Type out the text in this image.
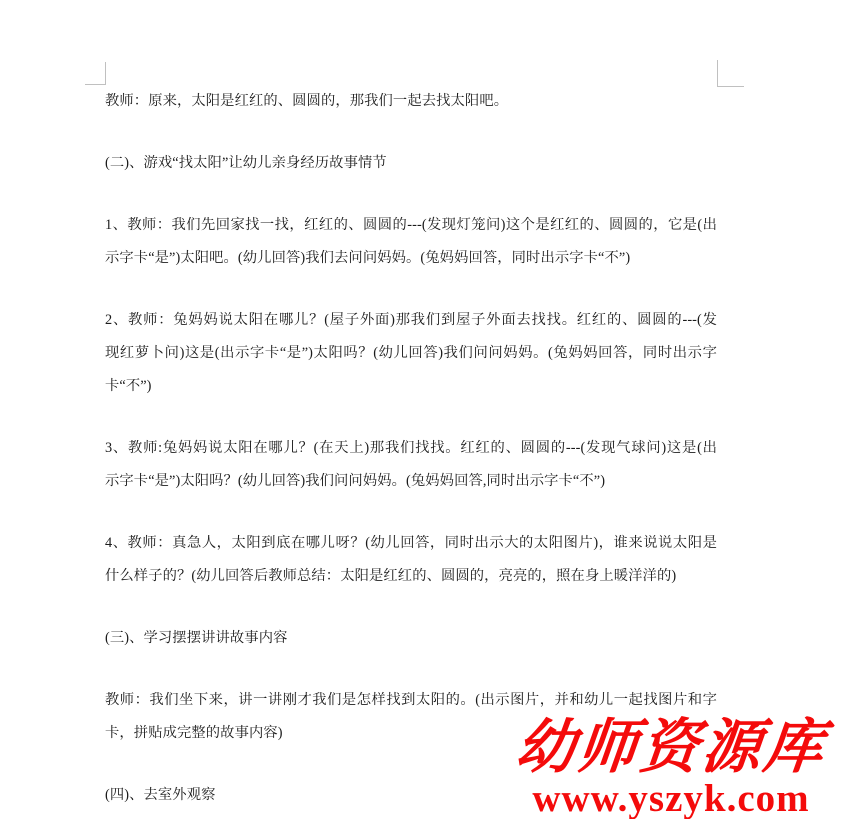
教师：原来，太阳是红红的、圆圆的，那我们一起去找太阳吧。
(二)、游戏“找太阳”让幼儿亲身经历故事情节
1、教师：我们先回家找一找，红红的、圆圆的---(发现灯笼问)这个是红红的、圆圆的，它是(出
示字卡“是”)太阳吧。(幼儿回答)我们去问问妈妈。(兔妈妈回答，同时出示字卡“不”)
2、教师：兔妈妈说太阳在哪儿？(屋子外面)那我们到屋子外面去找找。红红的、圆圆的---(发
现红萝卜问)这是(出示字卡“是”)太阳吗？(幼儿回答)我们问问妈妈。(兔妈妈回答，同时出示字
卡“不”)
3、教师:兔妈妈说太阳在哪儿？(在天上)那我们找找。红红的、圆圆的---(发现气球问)这是(出
示字卡“是”)太阳吗？(幼儿回答)我们问问妈妈。(兔妈妈回答,同时出示字卡“不”)
4、教师：真急人，太阳到底在哪儿呀？(幼儿回答，同时出示大的太阳图片)，谁来说说太阳是
什么样子的？(幼儿回答后教师总结：太阳是红红的、圆圆的，亮亮的，照在身上暖洋洋的)
(三)、学习摆摆讲讲故事内容
教师：我们坐下来，讲一讲刚才我们是怎样找到太阳的。(出示图片，并和幼儿一起找图片和字
卡，拼贴成完整的故事内容)
(四)、去室外观察
幼师资源库
www.yszyk.com
